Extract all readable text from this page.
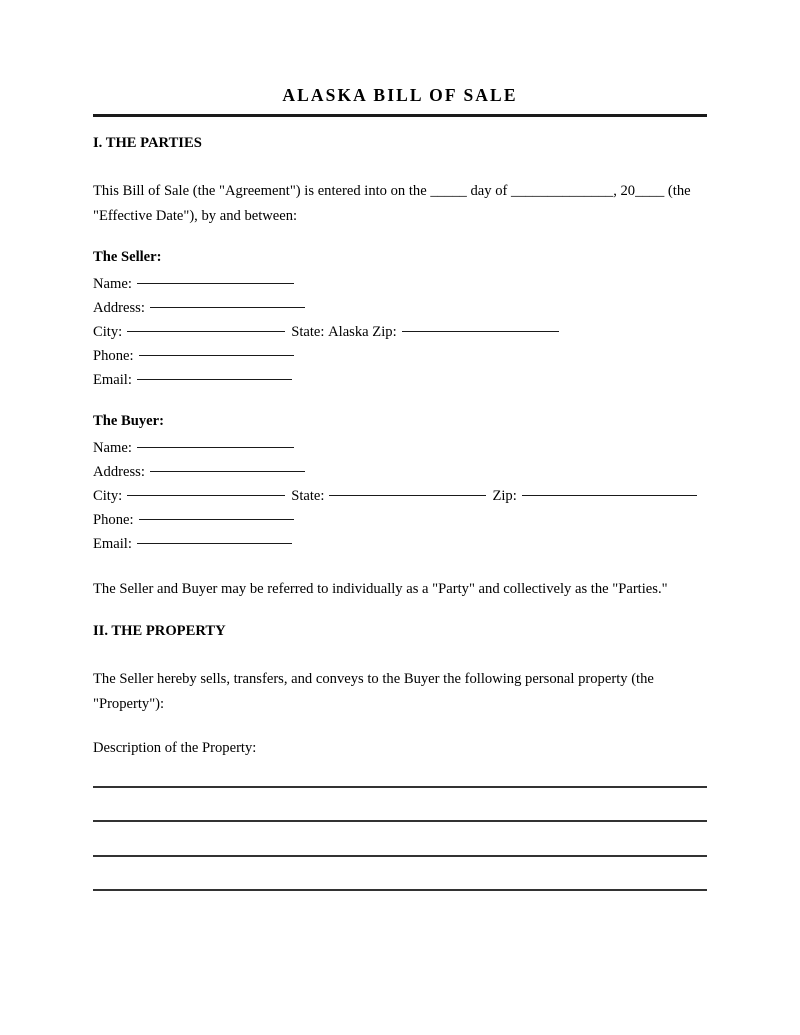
ALASKA BILL OF SALE
I. THE PARTIES
This Bill of Sale (the "Agreement") is entered into on the _____ day of ______________, 20____ (the "Effective Date"), by and between:
The Seller:
Name:
Address:
City:	State: Alaska Zip:
Phone:
Email:
The Buyer:
Name:
Address:
City:	State:	Zip:
Phone:
Email:
The Seller and Buyer may be referred to individually as a "Party" and collectively as the "Parties."
II. THE PROPERTY
The Seller hereby sells, transfers, and conveys to the Buyer the following personal property (the "Property"):
Description of the Property:
